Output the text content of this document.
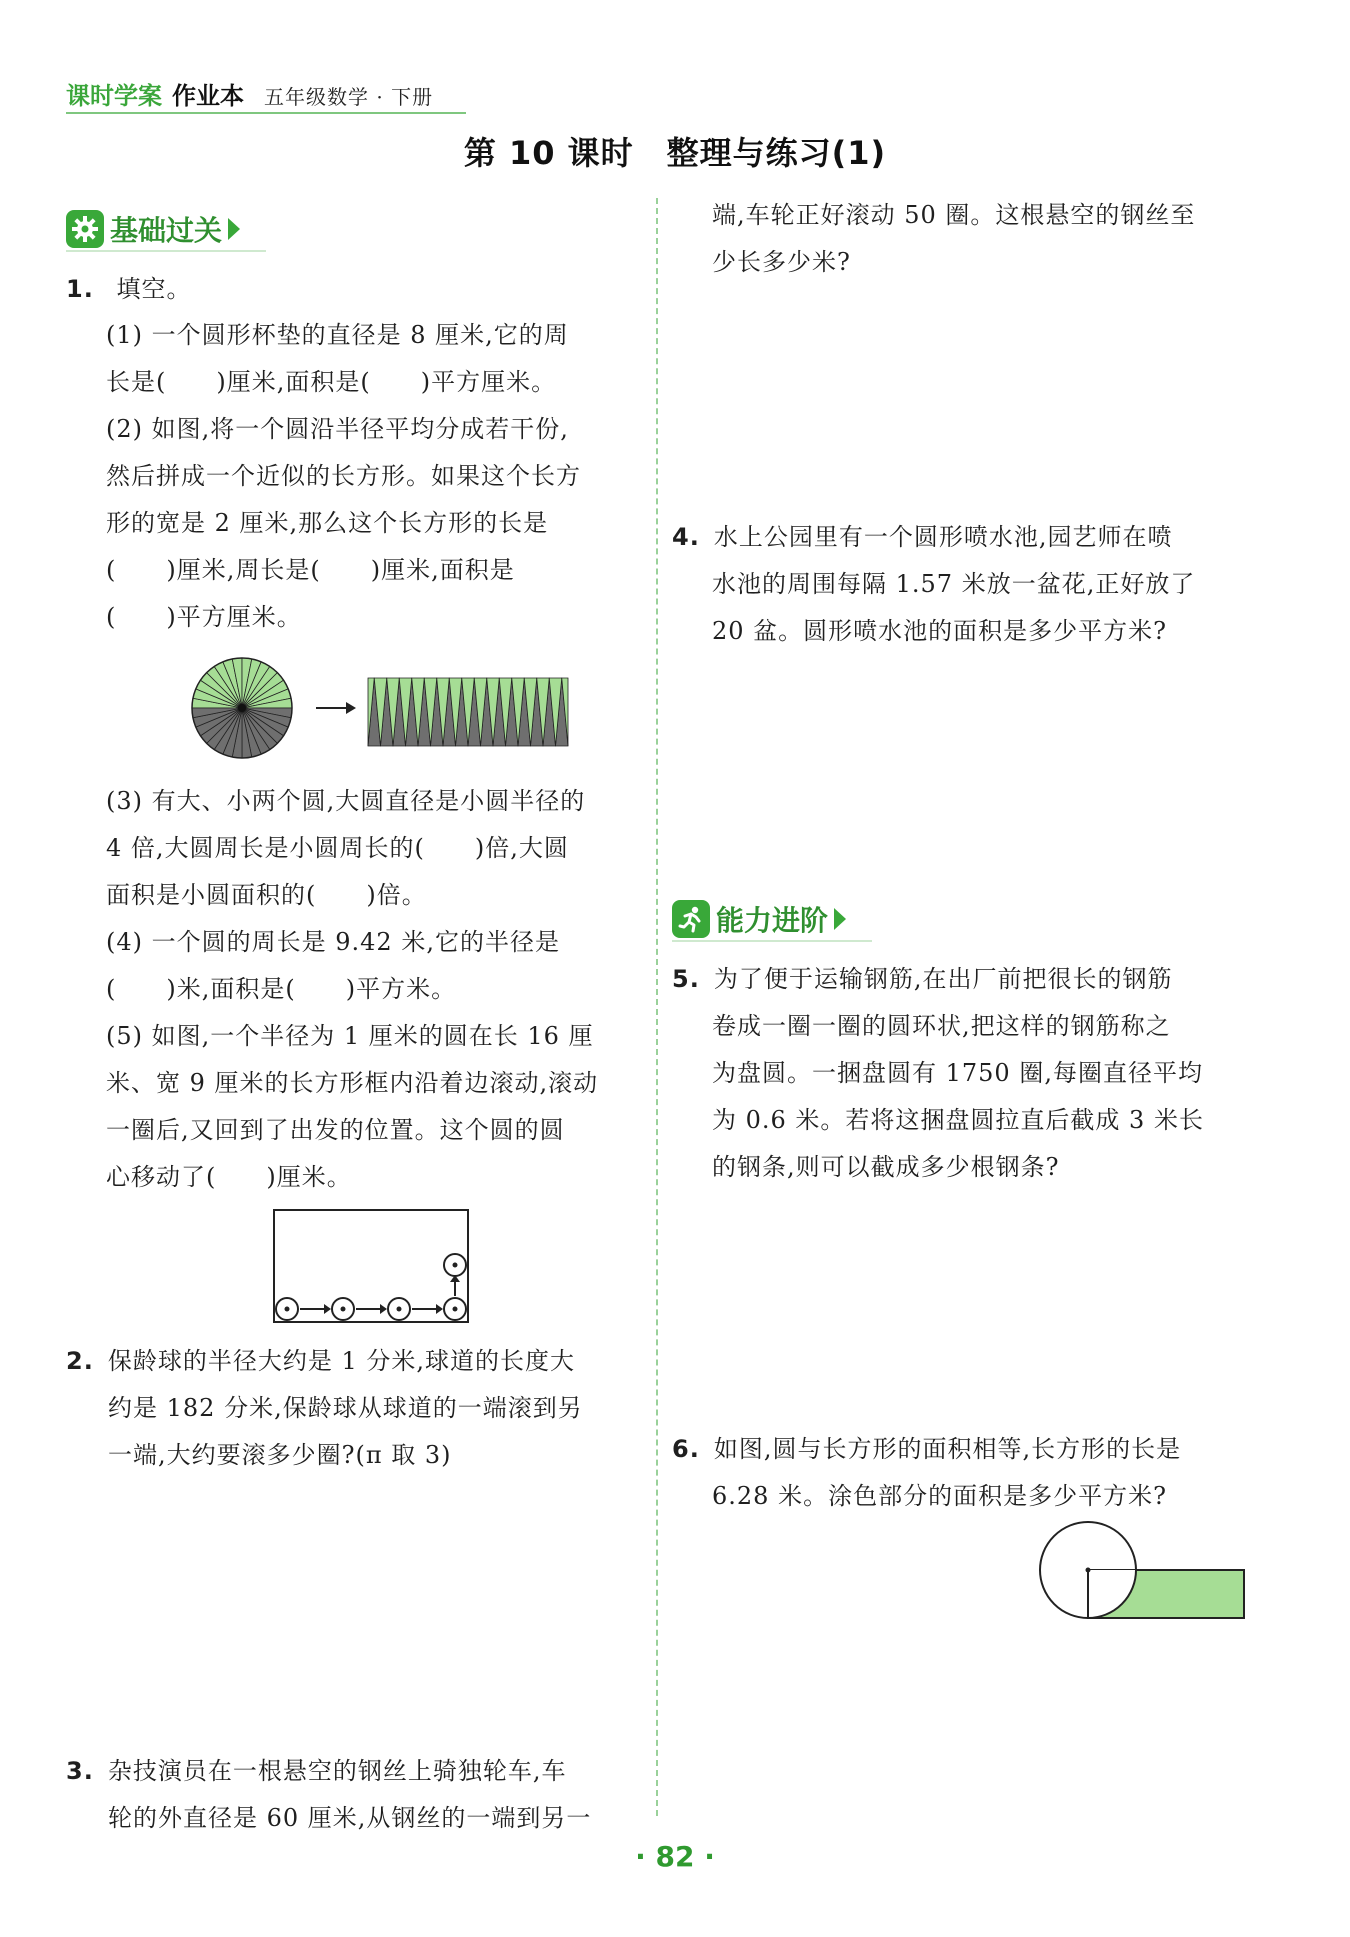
课时学案 作业本 五年级数学 · 下册
第 10 课时　整理与练习(1)
基础过关
1. 填空。
(1) 一个圆形杯垫的直径是 8 厘米,它的周
长是(　　)厘米,面积是(　　)平方厘米。
(2) 如图,将一个圆沿半径平均分成若干份,
然后拼成一个近似的长方形。如果这个长方
形的宽是 2 厘米,那么这个长方形的长是
(　　)厘米,周长是(　　)厘米,面积是
(　　)平方厘米。
(3) 有大、小两个圆,大圆直径是小圆半径的
4 倍,大圆周长是小圆周长的(　　)倍,大圆
面积是小圆面积的(　　)倍。
(4) 一个圆的周长是 9.42 米,它的半径是
(　　)米,面积是(　　)平方米。
(5) 如图,一个半径为 1 厘米的圆在长 16 厘
米、宽 9 厘米的长方形框内沿着边滚动,滚动
一圈后,又回到了出发的位置。这个圆的圆
心移动了(　　)厘米。
2. 保龄球的半径大约是 1 分米,球道的长度大
约是 182 分米,保龄球从球道的一端滚到另
一端,大约要滚多少圈?(π 取 3)
3. 杂技演员在一根悬空的钢丝上骑独轮车,车
轮的外直径是 60 厘米,从钢丝的一端到另一
端,车轮正好滚动 50 圈。这根悬空的钢丝至
少长多少米?
4. 水上公园里有一个圆形喷水池,园艺师在喷
水池的周围每隔 1.57 米放一盆花,正好放了
20 盆。圆形喷水池的面积是多少平方米?
能力进阶
5. 为了便于运输钢筋,在出厂前把很长的钢筋
卷成一圈一圈的圆环状,把这样的钢筋称之
为盘圆。一捆盘圆有 1750 圈,每圈直径平均
为 0.6 米。若将这捆盘圆拉直后截成 3 米长
的钢条,则可以截成多少根钢条?
6. 如图,圆与长方形的面积相等,长方形的长是
6.28 米。涂色部分的面积是多少平方米?
· 82 ·
